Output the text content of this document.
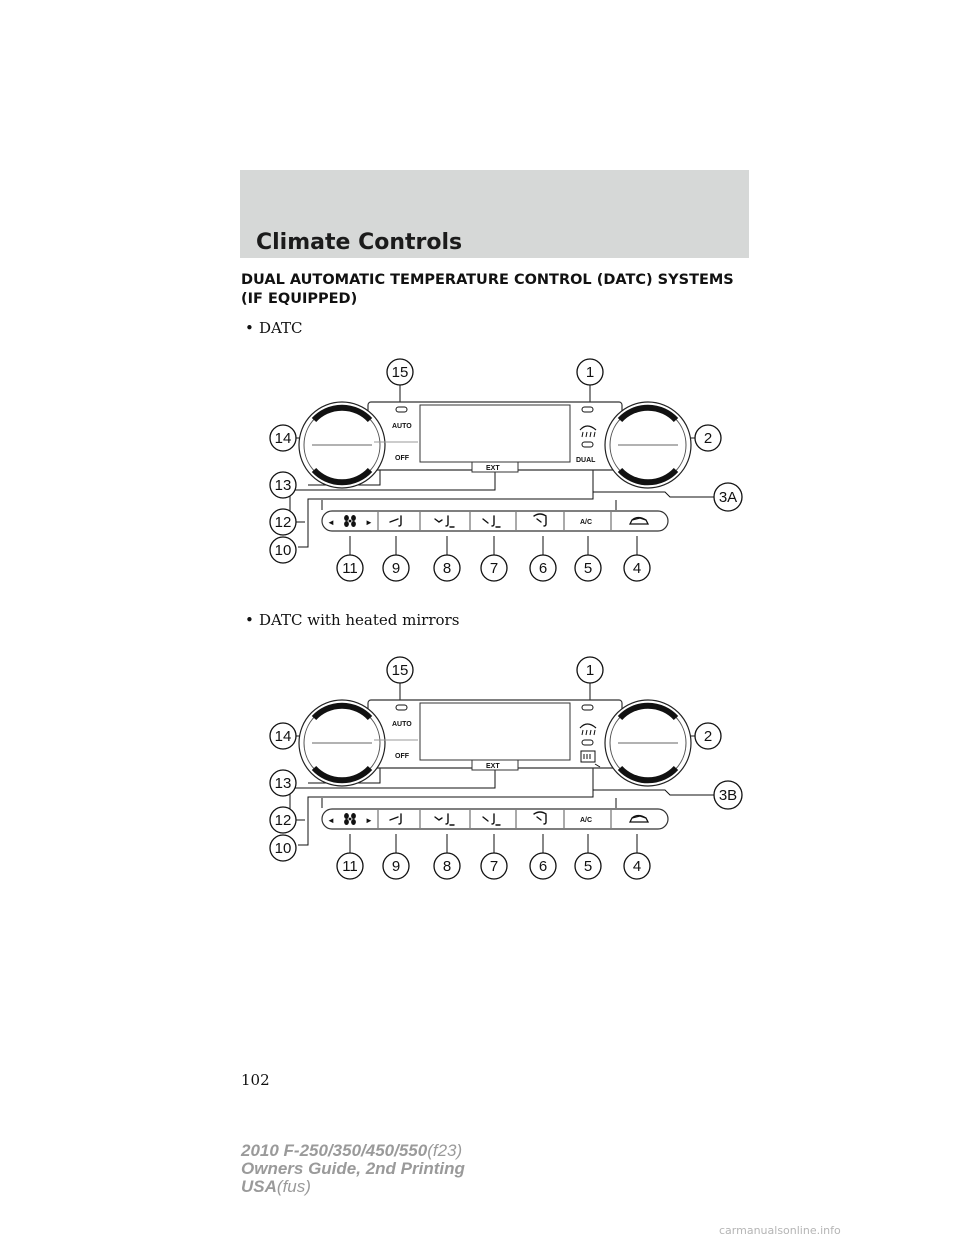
Climate Controls
DUAL AUTOMATIC TEMPERATURE CONTROL (DATC) SYSTEMS
(IF EQUIPPED)
• DATC
AUTO
OFF	DUAL
EXT
◄	►	A/C
15	1
14	2
13
3A
12
10
11 9	8	7	6 5	4
• DATC with heated mirrors
AUTO
OFF
EXT
◄	►	A/C
15	1
14	2
13
3B
12
10
11 9	8	7	6 5	4
102
2010 F-250/350/450/550(f23)
Owners Guide, 2nd Printing
USA(fus)
carmanualsonline.info
